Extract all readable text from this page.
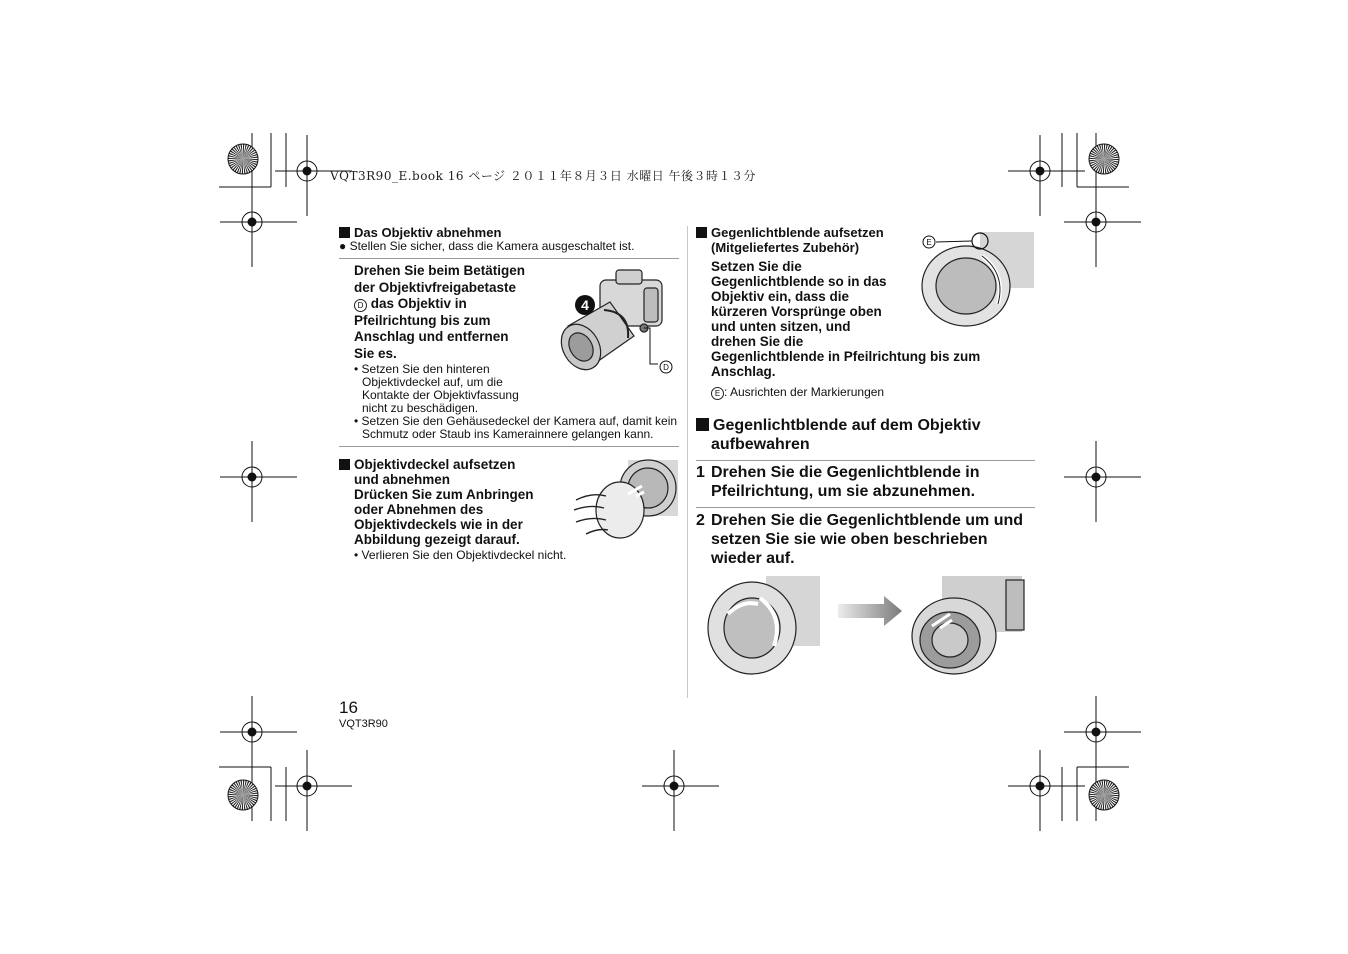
VQT3R90_E.book 16 ページ ２０１１年８月３日 水曜日 午後３時１３分
Das Objektiv abnehmen
● Stellen Sie sicher, dass die Kamera ausgeschaltet ist.
Drehen Sie beim Betätigen
der Objektivfreigabetaste
D das Objektiv in
Pfeilrichtung bis zum
Anschlag und entfernen
Sie es.
• Setzen Sie den hinteren Objektivdeckel auf, um die Kontakte der Objektivfassung nicht zu beschädigen.
• Setzen Sie den Gehäusedeckel der Kamera auf, damit kein Schmutz oder Staub ins Kamerainnere gelangen kann.
4
D
Objektivdeckel aufsetzen
und abnehmen
Drücken Sie zum Anbringen
oder Abnehmen des
Objektivdeckels wie in der
Abbildung gezeigt darauf.
• Verlieren Sie den Objektivdeckel nicht.
16
VQT3R90
Gegenlichtblende aufsetzen
(Mitgeliefertes Zubehör)
Setzen Sie die
Gegenlichtblende so in das
Objektiv ein, dass die
kürzeren Vorsprünge oben
und unten sitzen, und
drehen Sie die
Gegenlichtblende in Pfeilrichtung bis zum
Anschlag.
E : Ausrichten der Markierungen
E
Gegenlichtblende auf dem Objektiv
aufbewahren
1 Drehen Sie die Gegenlichtblende in
Pfeilrichtung, um sie abzunehmen.
2 Drehen Sie die Gegenlichtblende um und
setzen Sie sie wie oben beschrieben
wieder auf.
